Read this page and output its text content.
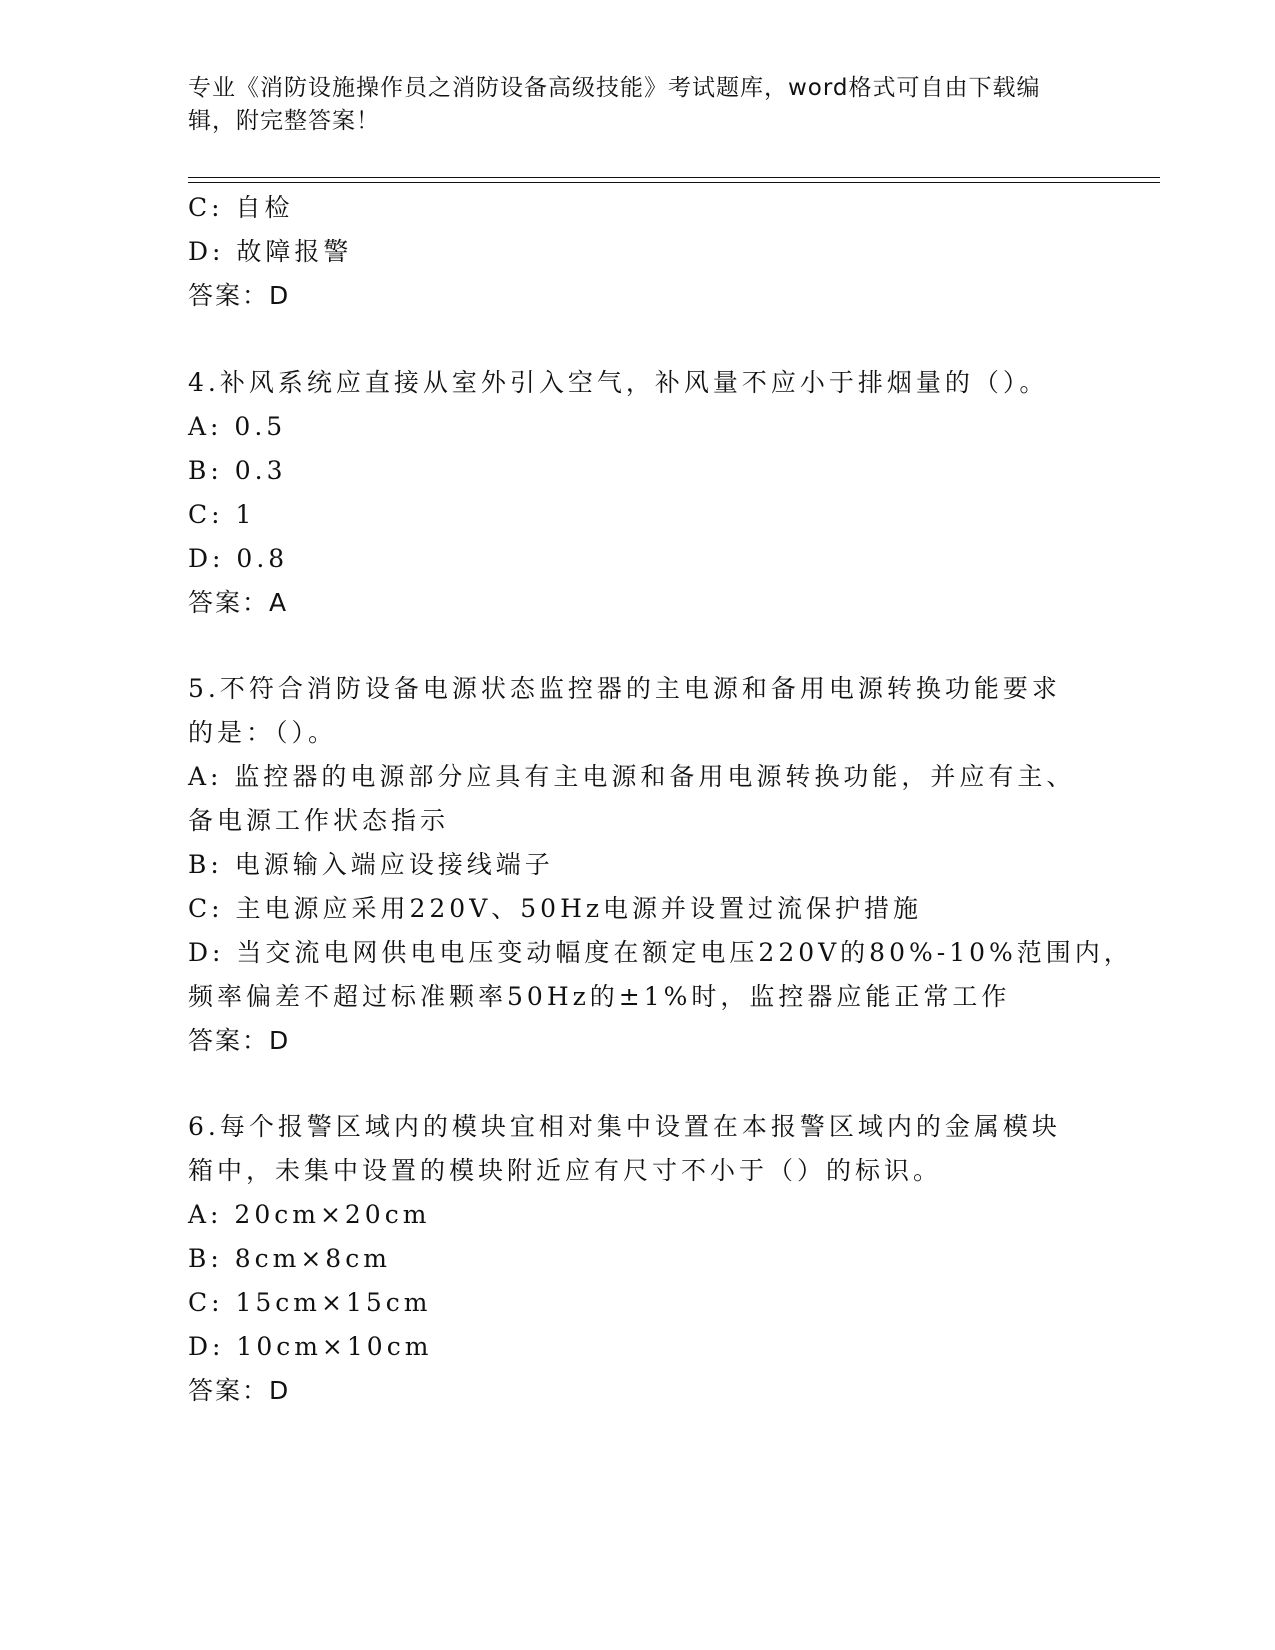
专业《消防设施操作员之消防设备高级技能》考试题库，word格式可自由下载编
辑，附完整答案！
C: 自检
D: 故障报警
答案：D
4.补风系统应直接从室外引入空气，补风量不应小于排烟量的（）。
A: 0.5
B: 0.3
C: 1
D: 0.8
答案：A
5.不符合消防设备电源状态监控器的主电源和备用电源转换功能要求
的是：（）。
A: 监控器的电源部分应具有主电源和备用电源转换功能，并应有主、
备电源工作状态指示
B: 电源输入端应设接线端子
C: 主电源应采用220V、50Hz电源并设置过流保护措施
D: 当交流电网供电电压变动幅度在额定电压220V的80%-10%范围内，
频率偏差不超过标准颗率50Hz的±1%时，监控器应能正常工作
答案：D
6.每个报警区域内的模块宜相对集中设置在本报警区域内的金属模块
箱中，未集中设置的模块附近应有尺寸不小于（）的标识。
A: 20cm×20cm
B: 8cm×8cm
C: 15cm×15cm
D: 10cm×10cm
答案：D
